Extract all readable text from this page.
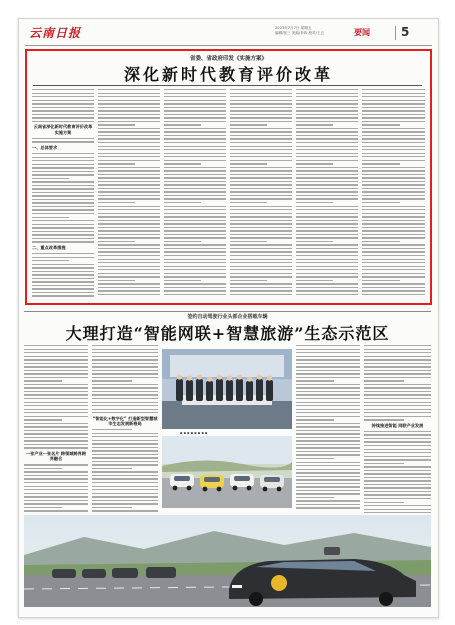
云南日报	2023年7月7日 星期五
编辑/张三 美编/李四 校对/王五	要闻	5
省委、省政府印发《实施方案》
深化新时代教育评价改革
云南省深化新时代教育评价改革实施方案
一、总体要求
二、重点改革措施
签约自动驾驶行业头部企业搭载车辆
大理打造“智能网联+智慧旅游”生态示范区
▪ ▪ ▪ ▪ ▪ ▪ ▪ ▪
一张产业一张名片 跨领域跨界跨界融合
“智能化+数字化” 打造新型智慧城市生态发展新格局	持续推进智能 网联产业发展
